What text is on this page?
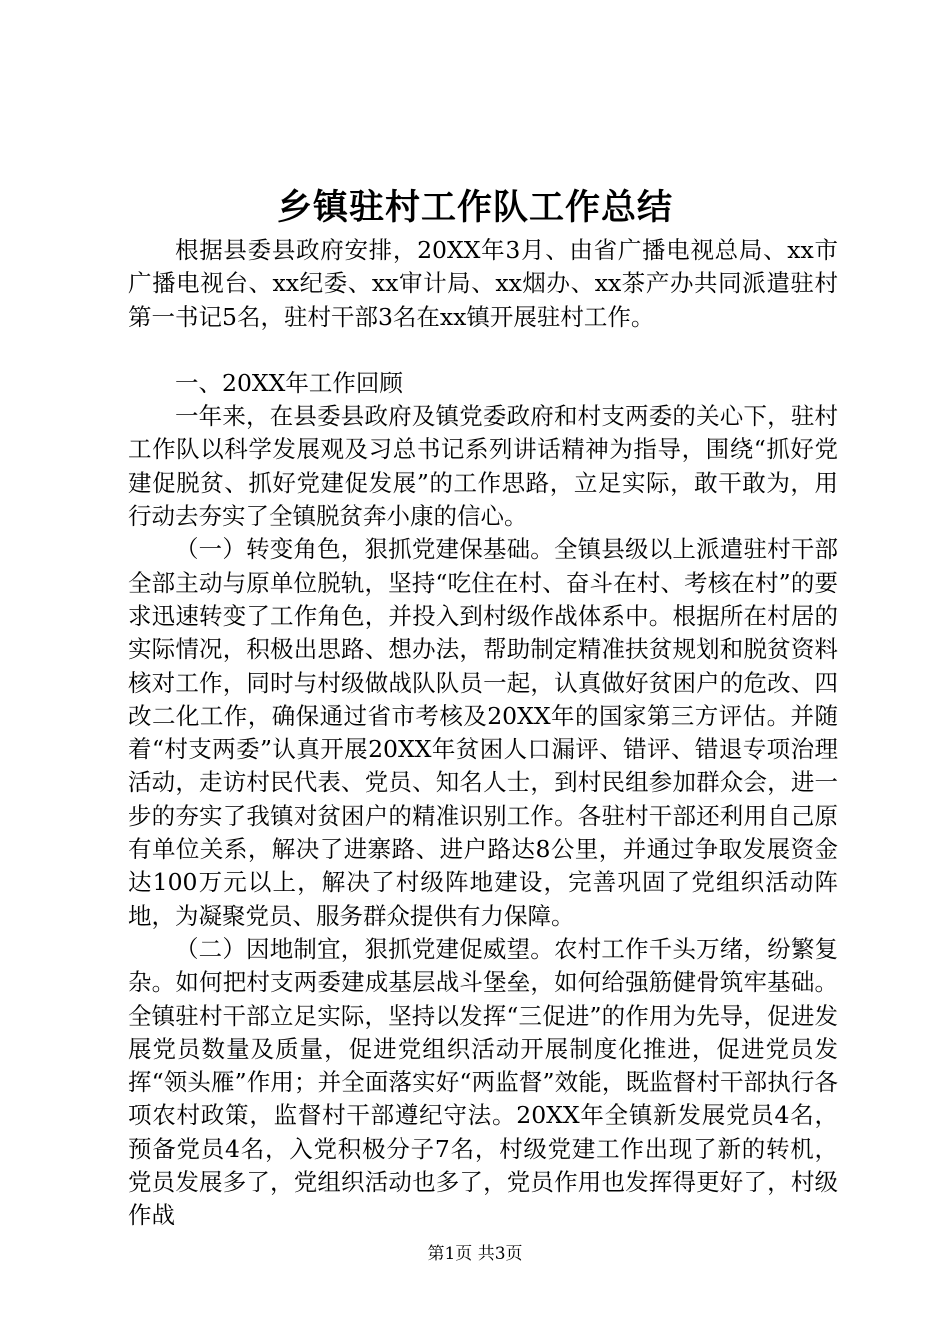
乡镇驻村工作队工作总结

根据县委县政府安排，20XX年3月、由省广播电视总局、xx市广播电视台、xx纪委、xx审计局、xx烟办、xx茶产办共同派遣驻村第一书记5名，驻村干部3名在xx镇开展驻村工作。

一、20XX年工作回顾

一年来，在县委县政府及镇党委政府和村支两委的关心下，驻村工作队以科学发展观及习总书记系列讲话精神为指导，围绕“抓好党建促脱贫、抓好党建促发展”的工作思路，立足实际，敢干敢为，用行动去夯实了全镇脱贫奔小康的信心。

（一）转变角色，狠抓党建保基础。全镇县级以上派遣驻村干部全部主动与原单位脱轨，坚持“吃住在村、奋斗在村、考核在村”的要求迅速转变了工作角色，并投入到村级作战体系中。根据所在村居的实际情况，积极出思路、想办法，帮助制定精准扶贫规划和脱贫资料核对工作，同时与村级做战队队员一起，认真做好贫困户的危改、四改二化工作，确保通过省市考核及20XX年的国家第三方评估。并随着“村支两委”认真开展20XX年贫困人口漏评、错评、错退专项治理活动，走访村民代表、党员、知名人士，到村民组参加群众会，进一步的夯实了我镇对贫困户的精准识别工作。各驻村干部还利用自己原有单位关系，解决了进寨路、进户路达8公里，并通过争取发展资金达100万元以上，解决了村级阵地建设，完善巩固了党组织活动阵地，为凝聚党员、服务群众提供有力保障。

（二）因地制宜，狠抓党建促威望。农村工作千头万绪，纷繁复杂。如何把村支两委建成基层战斗堡垒，如何给强筋健骨筑牢基础。全镇驻村干部立足实际，坚持以发挥“三促进”的作用为先导，促进发展党员数量及质量，促进党组织活动开展制度化推进，促进党员发挥“领头雁”作用；并全面落实好“两监督”效能，既监督村干部执行各项农村政策，监督村干部遵纪守法。20XX年全镇新发展党员4名，预备党员4名，入党积极分子7名，村级党建工作出现了新的转机，党员发展多了，党组织活动也多了，党员作用也发挥得更好了，村级作战

第1页 共3页
